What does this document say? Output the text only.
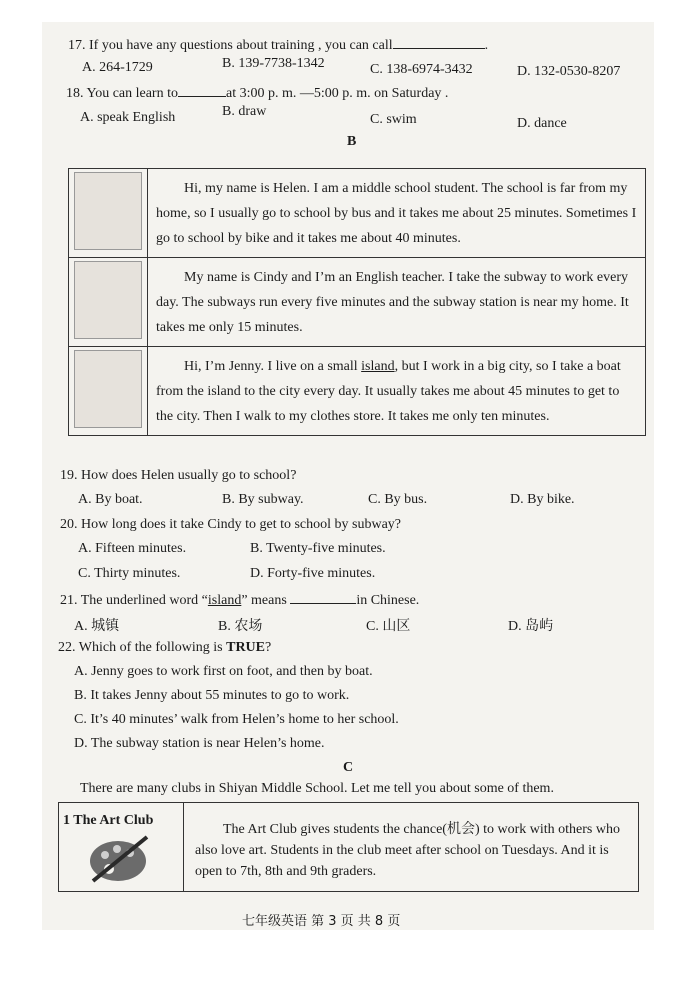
17. If you have any questions about training , you can call	.
A. 264-1729	B. 139-7738-1342	C. 138-6974-3432	D. 132-0530-8207
18. You can learn to	at 3:00 p. m. —5:00 p. m. on Saturday .
A. speak English	B. draw
C. swim	D. dance
B
	Hi, my name is Helen. I am a middle school student. The school is far from my home, so I usually go to school by bus and it takes me about 25 minutes. Sometimes I go to school by bike and it takes me about 40 minutes.
	My name is Cindy and I’m an English teacher. I take the subway to work every day. The subways run every five minutes and the subway station is near my home. It takes me only 15 minutes.
	Hi, I’m Jenny. I live on a small island, but I work in a big city, so I take a boat from the island to the city every day. It usually takes me about 45 minutes to get to the city. Then I walk to my clothes store. It takes me only ten minutes.
19. How does Helen usually go to school?
A. By boat.	B. By subway.	C. By bus.	D. By bike.
20. How long does it take Cindy to get to school by subway?
A. Fifteen minutes.	B. Twenty-five minutes.
C. Thirty minutes.	D. Forty-five minutes.
21. The underlined word “island” means	in Chinese.
A. 城镇	B. 农场	C. 山区	D. 岛屿
22. Which of the following is TRUE?
A. Jenny goes to work first on foot, and then by boat.
B. It takes Jenny about 55 minutes to go to work.
C. It’s 40 minutes’ walk from Helen’s home to her school.
D. The subway station is near Helen’s home.
C
There are many clubs in Shiyan Middle School. Let me tell you about some of them.
1 The Art Club
The Art Club gives students the chance(机会) to work with others who also love art. Students in the club meet after school on Tuesdays. And it is open to 7th, 8th and 9th graders.
七年级英语 第 3 页 共 8 页
